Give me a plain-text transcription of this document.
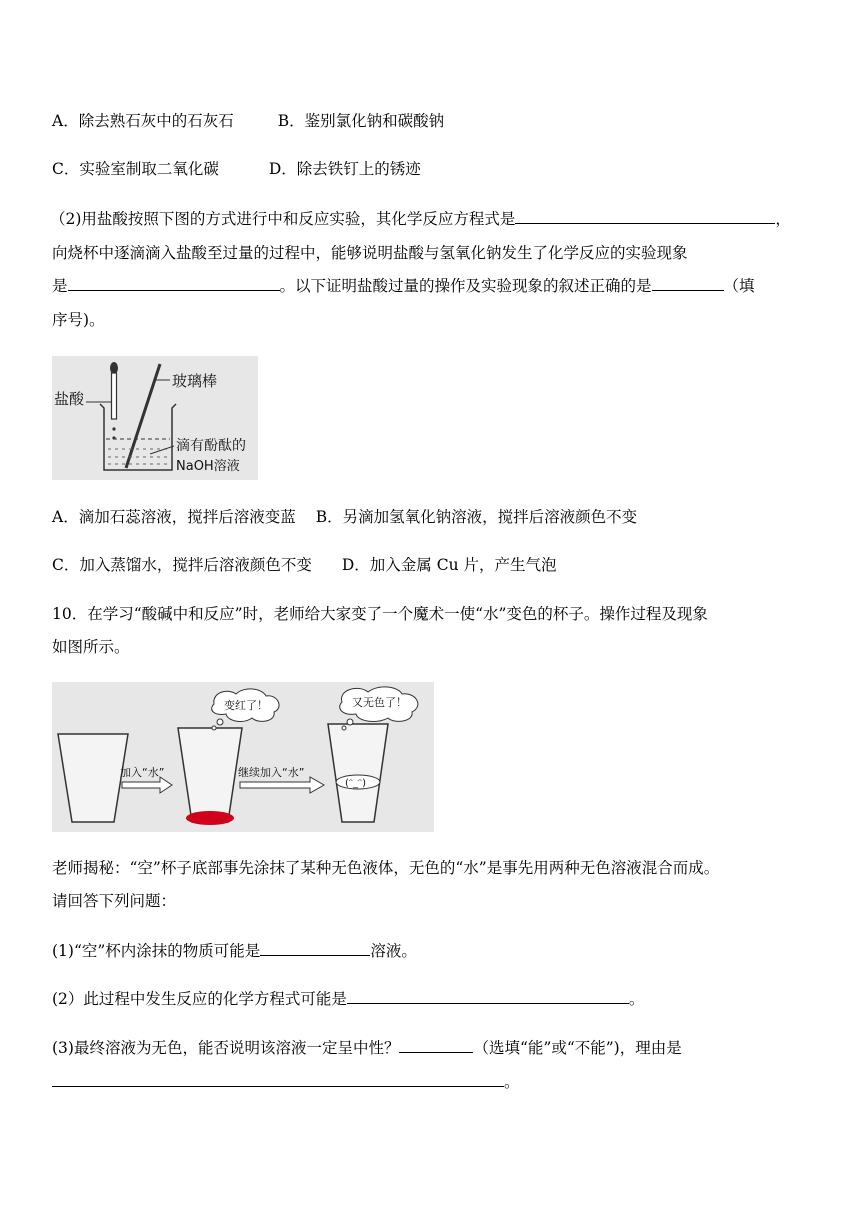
A．除去熟石灰中的石灰石	B．鉴别氯化钠和碳酸钠
C．实验室制取二氧化碳	D．除去铁钉上的锈迹
（2)用盐酸按照下图的方式进行中和反应实验，其化学反应方程式是	，
向烧杯中逐滴滴入盐酸至过量的过程中，能够说明盐酸与氢氧化钠发生了化学反应的实验现象
是	。以下证明盐酸过量的操作及实验现象的叙述正确的是	（填
序号)。
盐酸
玻璃棒
滴有酚酞的
NaOH溶液
A．滴加石蕊溶液，搅拌后溶液变蓝 B．另滴加氢氧化钠溶液，搅拌后溶液颜色不变
C．加入蒸馏水，搅拌后溶液颜色不变 D．加入金属 Cu 片，产生气泡
10．在学习“酸碱中和反应”时，老师给大家变了一个魔术一使“水”变色的杯子。操作过程及现象
如图所示。
加入“水”
变红了！
继续加入“水”
(ᵔ_ᵔ)
又无色了！
老师揭秘：“空”杯子底部事先涂抹了某种无色液体，无色的“水”是事先用两种无色溶液混合而成。
请回答下列问题：
(1)“空”杯内涂抹的物质可能是	溶液。
(2）此过程中发生反应的化学方程式可能是	。
(3)最终溶液为无色，能否说明该溶液一定呈中性？	（选填“能”或“不能”)，理由是
。
